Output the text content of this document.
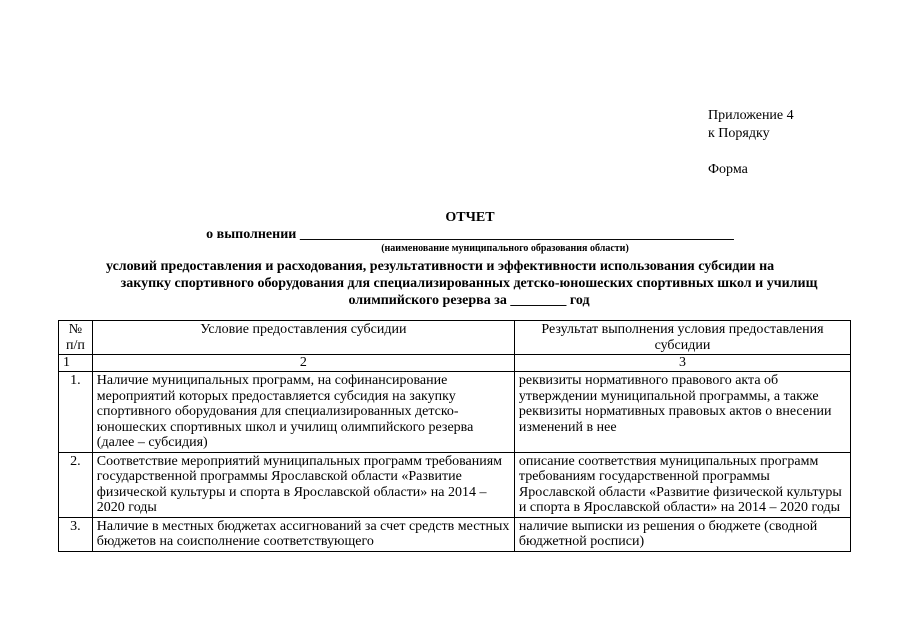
Приложение 4
к Порядку
Форма
ОТЧЕТ
о выполнении ______________________________________________________________
(наименование муниципального образования области)
условий предоставления и расходования, результативности и эффективности использования субсидии на
закупку спортивного оборудования для специализированных детско-юношеских спортивных школ и училищ
олимпийского резерва за ________ год
№ п/п	Условие предоставления субсидии	Результат выполнения условия предоставления субсидии
1	2	3
1.	Наличие муниципальных программ, на софинансирование мероприятий которых предоставляется субсидия на закупку спортивного оборудования для специализированных детско-юношеских спортивных школ и училищ олимпийского резерва (далее – субсидия)	реквизиты нормативного правового акта об утверждении муниципальной программы, а также реквизиты нормативных правовых актов о внесении изменений в нее
2.	Соответствие мероприятий муниципальных программ требованиям государственной программы Ярославской области «Развитие физической культуры и спорта в Ярославской области» на 2014 – 2020 годы	описание соответствия муниципальных программ требованиям государственной программы Ярославской области «Развитие физической культуры и спорта в Ярославской области» на 2014 – 2020 годы
3.	Наличие в местных бюджетах ассигнований за счет средств местных бюджетов на соисполнение соответствующего	наличие выписки из решения о бюджете (сводной бюджетной росписи)
